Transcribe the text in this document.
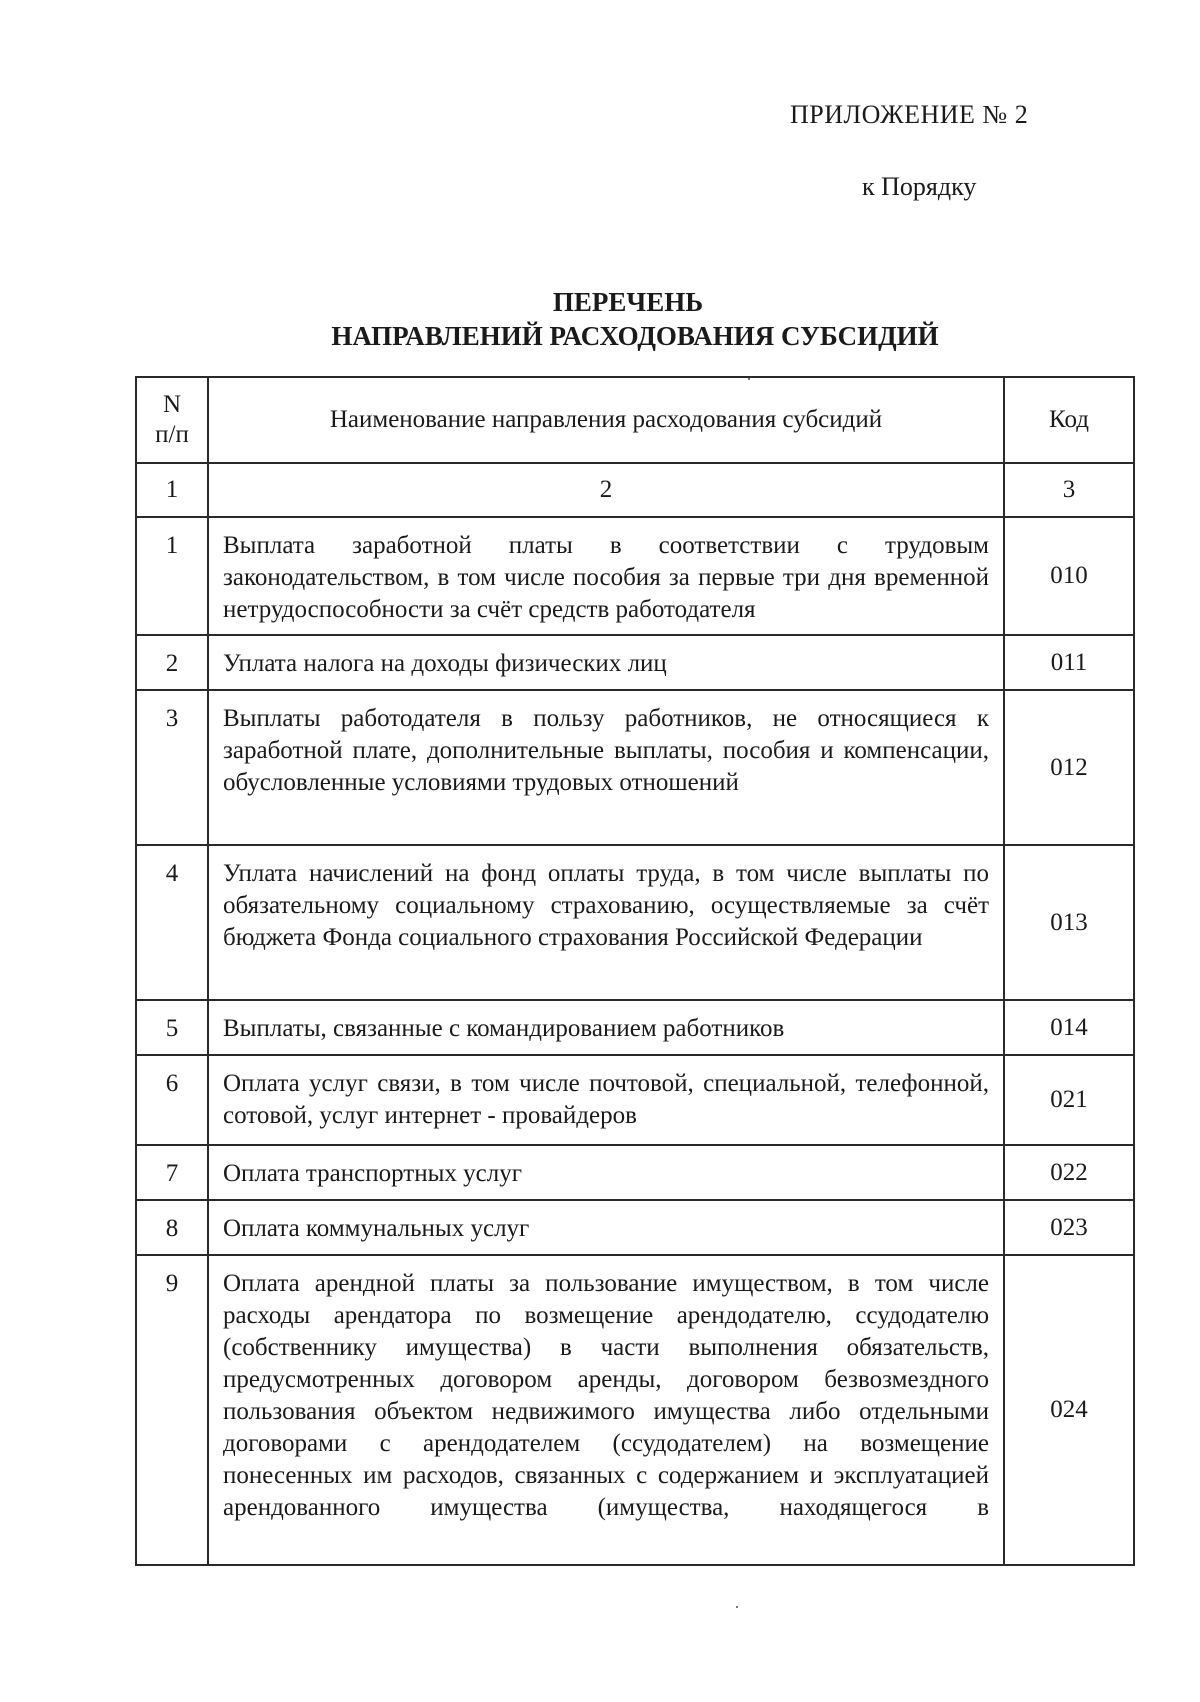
ПРИЛОЖЕНИЕ № 2
к Порядку
ПЕРЕЧЕНЬ
НАПРАВЛЕНИЙ РАСХОДОВАНИЯ СУБСИДИЙ
N п/п	Наименование направления расходования субсидий	Код
1	2	3
1	Выплата заработной платы в соответствии с трудовым законодательством, в том числе пособия за первые три дня временной нетрудоспособности за счёт средств работодателя	010
2	Уплата налога на доходы физических лиц	011
3	Выплаты работодателя в пользу работников, не относящиеся к заработной плате, дополнительные выплаты, пособия и компенсации, обусловленные условиями трудовых отношений	012
4	Уплата начислений на фонд оплаты труда, в том числе выплаты по обязательному социальному страхованию, осуществляемые за счёт бюджета Фонда социального страхования Российской Федерации	013
5	Выплаты, связанные с командированием работников	014
6	Оплата услуг связи, в том числе почтовой, специальной, телефонной, сотовой, услуг интернет - провайдеров	021
7	Оплата транспортных услуг	022
8	Оплата коммунальных услуг	023
9	Оплата арендной платы за пользование имуществом, в том числе расходы арендатора по возмещение арендодателю, ссудодателю (собственнику имущества) в части выполнения обязательств, предусмотренных договором аренды, договором безвозмездного пользования объектом недвижимого имущества либо отдельными договорами с арендодателем (ссудодателем) на возмещение понесенных им расходов, связанных с содержанием и эксплуатацией арендованного имущества (имущества, находящегося в	024
